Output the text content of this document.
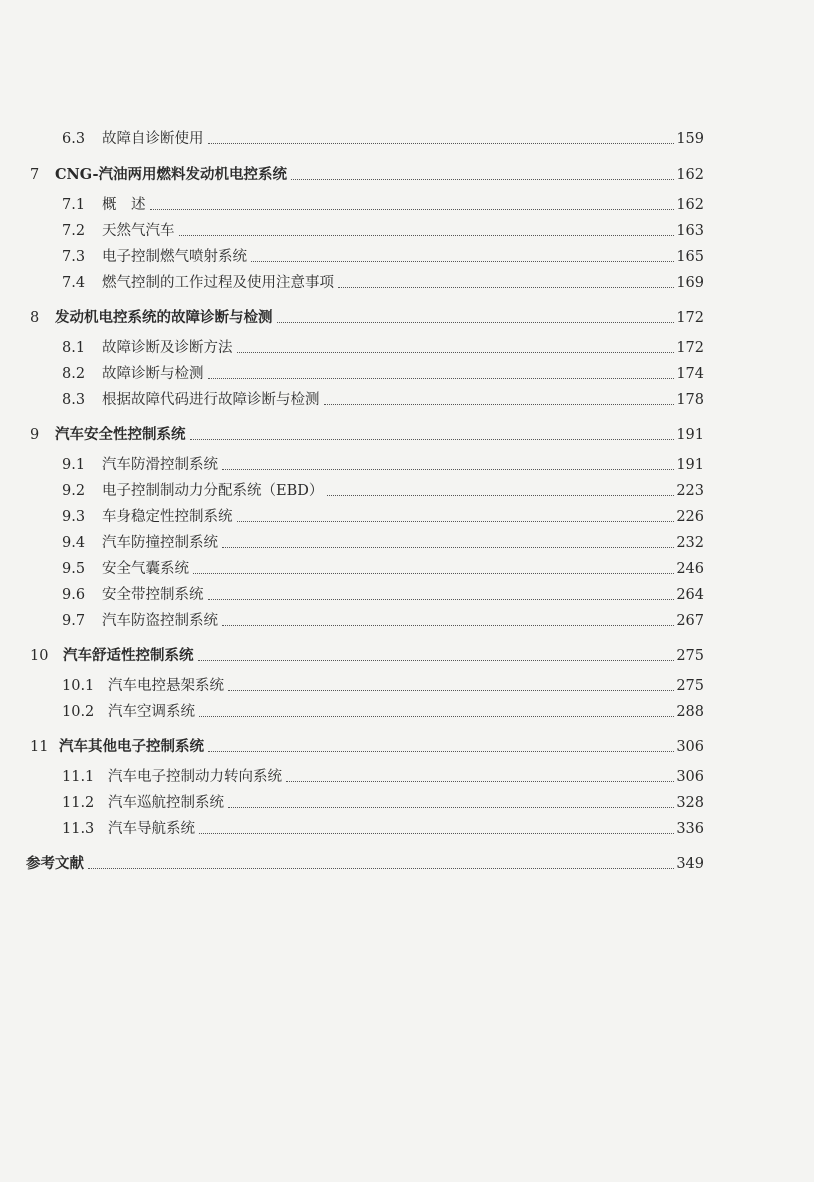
6.3	故障自诊断使用	159
7	CNG-汽油两用燃料发动机电控系统	162
7.1	概　述	162
7.2	天然气汽车	163
7.3	电子控制燃气喷射系统	165
7.4	燃气控制的工作过程及使用注意事项	169
8	发动机电控系统的故障诊断与检测	172
8.1	故障诊断及诊断方法	172
8.2	故障诊断与检测	174
8.3	根据故障代码进行故障诊断与检测	178
9	汽车安全性控制系统	191
9.1	汽车防滑控制系统	191
9.2	电子控制制动力分配系统（EBD）	223
9.3	车身稳定性控制系统	226
9.4	汽车防撞控制系统	232
9.5	安全气囊系统	246
9.6	安全带控制系统	264
9.7	汽车防盗控制系统	267
10	汽车舒适性控制系统	275
10.1 汽车电控悬架系统	275
10.2 汽车空调系统	288
11 汽车其他电子控制系统	306
11.1 汽车电子控制动力转向系统	306
11.2 汽车巡航控制系统	328
11.3 汽车导航系统	336
参考文献	349
